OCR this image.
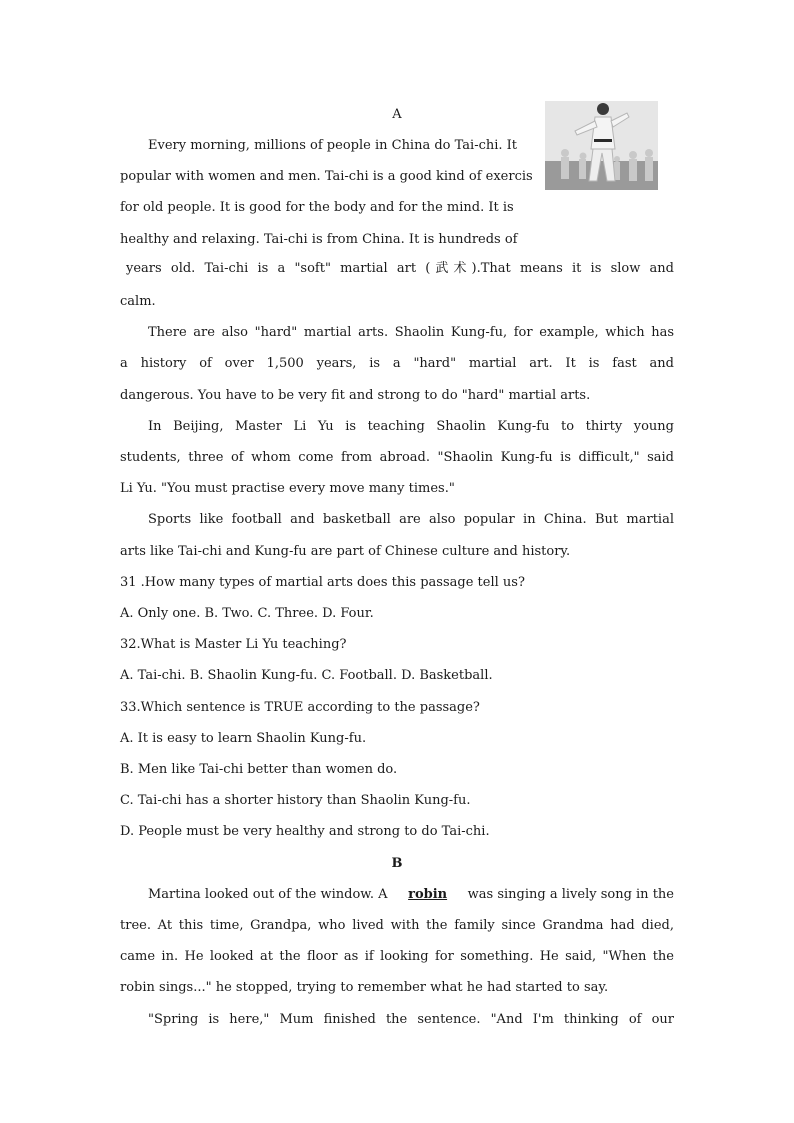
A
Every morning, millions of people in China do Tai-chi. It
popular with women and men. Tai-chi is a good kind of exercis
for old people. It is good for the body and for the mind. It is
healthy and relaxing. Tai-chi is from China. It is hundreds of
years old. Tai-chi is a "soft" martial art (武术).That means it is slow and
calm.
There are also "hard" martial arts. Shaolin Kung-fu, for example, which has
a history of over 1,500 years, is a "hard" martial art. It is fast and
dangerous. You have to be very fit and strong to do "hard" martial arts.
In Beijing, Master Li Yu is teaching Shaolin Kung-fu to thirty young
students, three of whom come from abroad. "Shaolin Kung-fu is difficult," said
Li Yu. "You must practise every move many times."
Sports like football and basketball are also popular in China. But martial
arts like Tai-chi and Kung-fu are part of Chinese culture and history.
31 .How many types of martial arts does this passage tell us?
A. Only one. B. Two. C. Three. D. Four.
32.What is Master Li Yu teaching?
A. Tai-chi. B. Shaolin Kung-fu. C. Football. D. Basketball.
33.Which sentence is TRUE according to the passage?
A. It is easy to learn Shaolin Kung-fu.
B. Men like Tai-chi better than women do.
C. Tai-chi has a shorter history than Shaolin Kung-fu.
D. People must be very healthy and strong to do Tai-chi.
B
Martina looked out of the window. A robin was singing a lively song in the
tree. At this time, Grandpa, who lived with the family since Grandma had died,
came in. He looked at the floor as if looking for something. He said, "When the
robin sings..." he stopped, trying to remember what he had started to say.
"Spring is here," Mum finished the sentence. "And I'm thinking of our
